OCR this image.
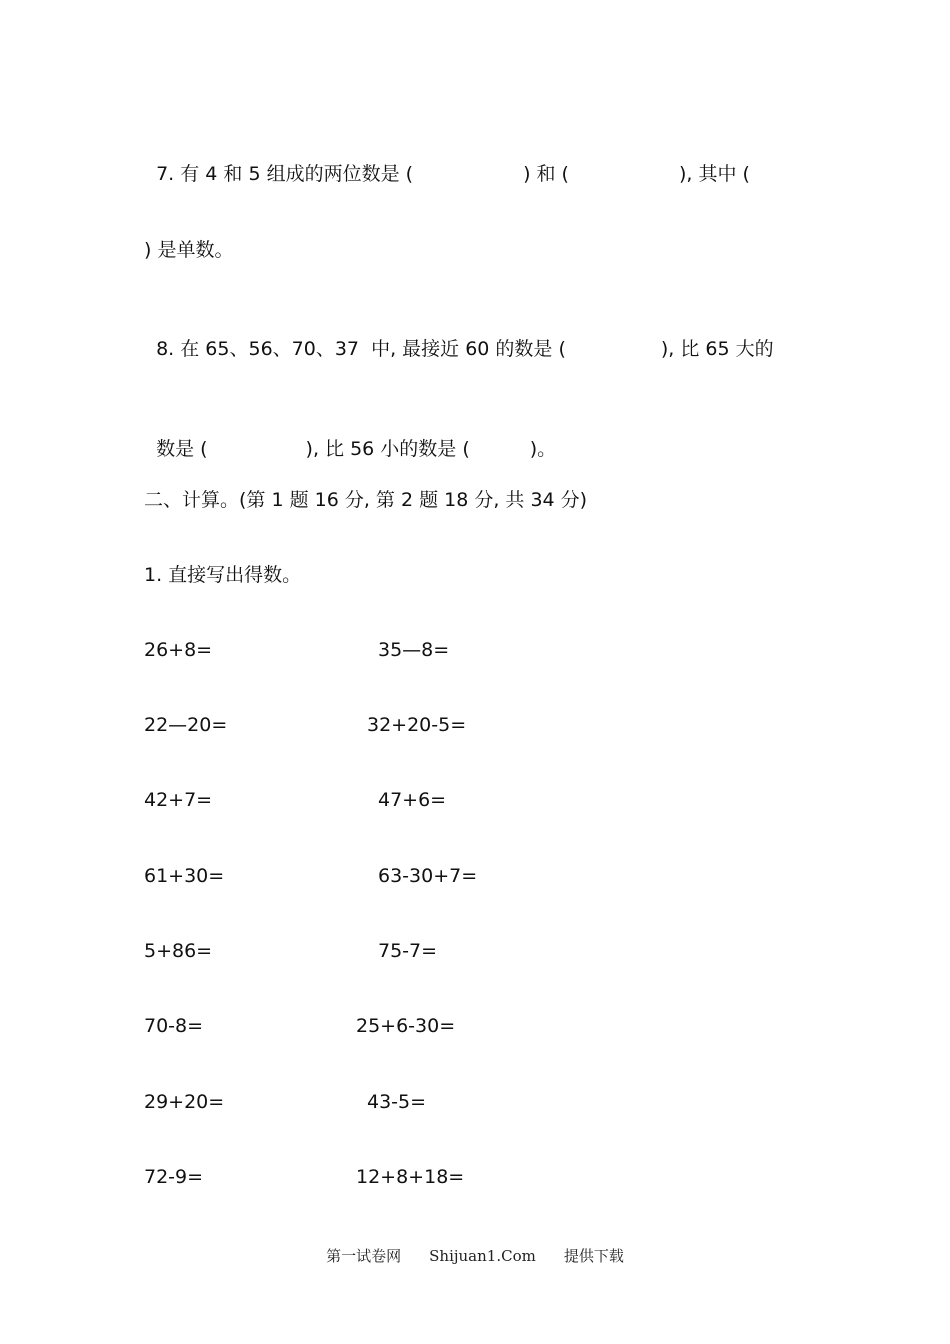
7. 有 4 和 5 组成的两位数是 (	) 和 (	), 其中 (

) 是单数。

8. 在 65、56、70、37  中, 最接近 60 的数是 (	), 比 65 大的

数是 (	), 比 56 小的数是 (	)。

二、计算。(第 1 题 16 分, 第 2 题 18 分, 共 34 分)
1. 直接写出得数。
26+8=	35—8=
22—20=	32+20-5=
42+7=	47+6=
61+30=	63-30+7=
5+86=	75-7=
70-8=	25+6-30=
29+20=	43-5=
72-9=	12+8+18=
第一试卷网 Shijuan1.Com 提供下载
